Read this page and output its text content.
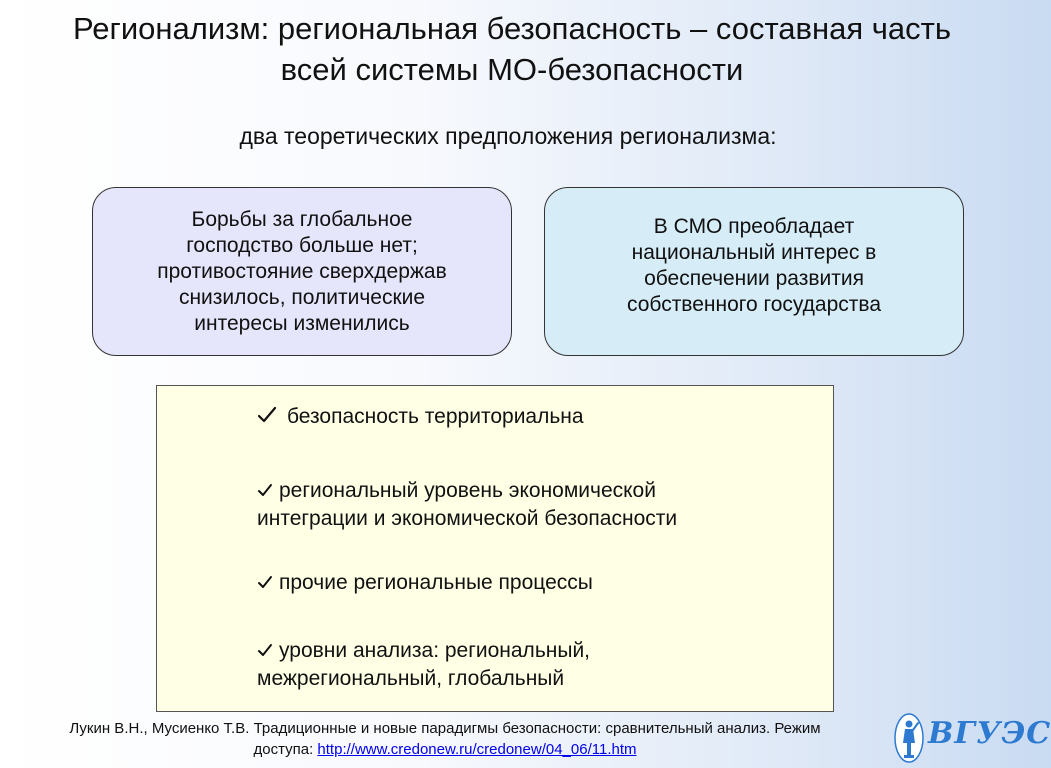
Регионализм: региональная безопасность – составная часть
всей системы МО-безопасности
два теоретических предположения регионализма:
Борьбы за глобальное
господство больше нет;
противостояние сверхдержав
снизилось, политические
интересы изменились
В СМО преобладает
национальный интерес в
обеспечении развития
собственного государства
безопасность территориальна
региональный уровень экономической
интеграции и экономической безопасности
прочие региональные процессы
уровни анализа: региональный,
межрегиональный, глобальный
Лукин В.Н., Мусиенко Т.В. Традиционные и новые парадигмы безопасности: сравнительный анализ. Режим
доступа: http://www.credonew.ru/credonew/04_06/11.htm	ВГУЭС
